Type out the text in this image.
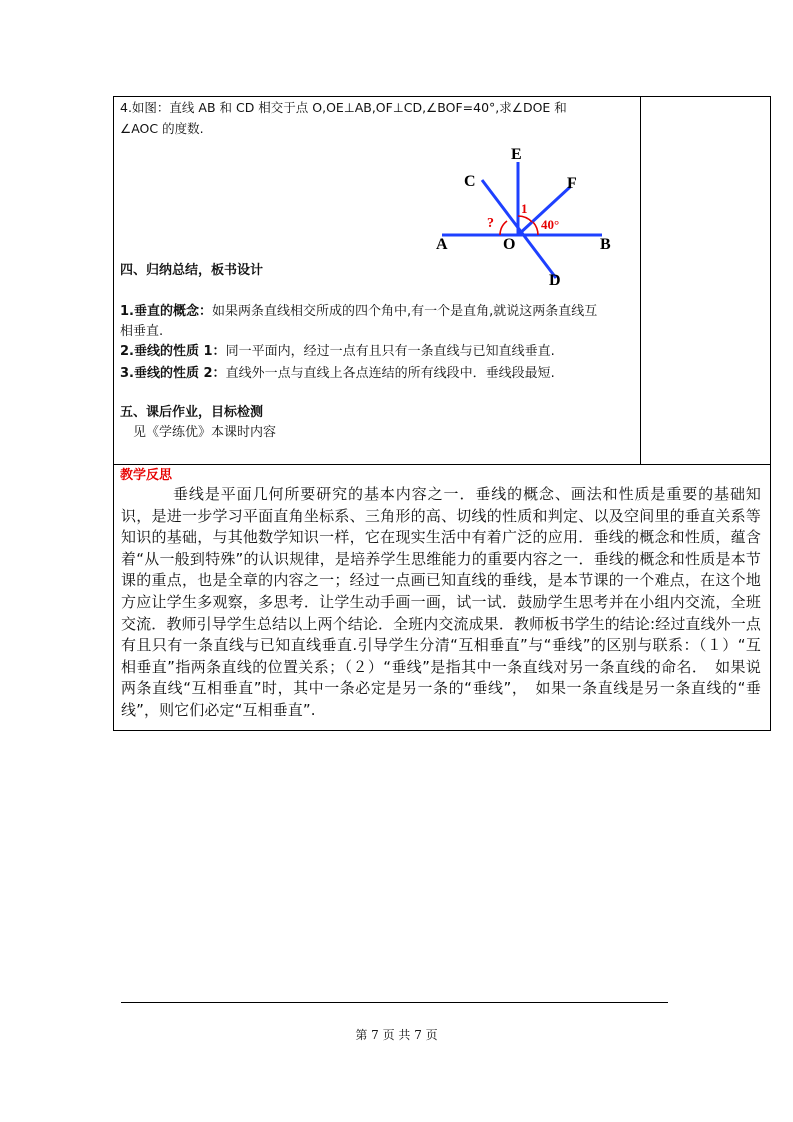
4.如图：直线 AB 和 CD 相交于点 O,OE⊥AB,OF⊥CD,∠BOF=40°,求∠DOE 和
∠AOC 的度数.
E
C	F
A	O	B
D
1
40°
?
四、归纳总结，板书设计
1.垂直的概念：如果两条直线相交所成的四个角中,有一个是直角,就说这两条直线互
相垂直.
2.垂线的性质 1：同一平面内，经过一点有且只有一条直线与已知直线垂直.
3.垂线的性质 2：直线外一点与直线上各点连结的所有线段中．垂线段最短.
五、课后作业，目标检测
见《学练优》本课时内容
教学反思
垂线是平面几何所要研究的基本内容之一．垂线的概念、画法和性质是重要的基础知识，是进一步学习平面直角坐标系、三角形的高、切线的性质和判定、以及空间里的垂直关系等知识的基础，与其他数学知识一样，它在现实生活中有着广泛的应用．垂线的概念和性质，蕴含着“从一般到特殊”的认识规律，是培养学生思维能力的重要内容之一．垂线的概念和性质是本节课的重点，也是全章的内容之一；经过一点画已知直线的垂线，是本节课的一个难点，在这个地方应让学生多观察，多思考．让学生动手画一画，试一试．鼓励学生思考并在小组内交流，全班交流．教师引导学生总结以上两个结论．全班内交流成果．教师板书学生的结论:经过直线外一点有且只有一条直线与已知直线垂直.引导学生分清“互相垂直”与“垂线”的区别与联系：（１）“互相垂直”指两条直线的位置关系；（２）“垂线”是指其中一条直线对另一条直线的命名．　如果说两条直线“互相垂直”时，其中一条必定是另一条的“垂线”，　如果一条直线是另一条直线的“垂线”，则它们必定“互相垂直”.
第 7 页 共 7 页
